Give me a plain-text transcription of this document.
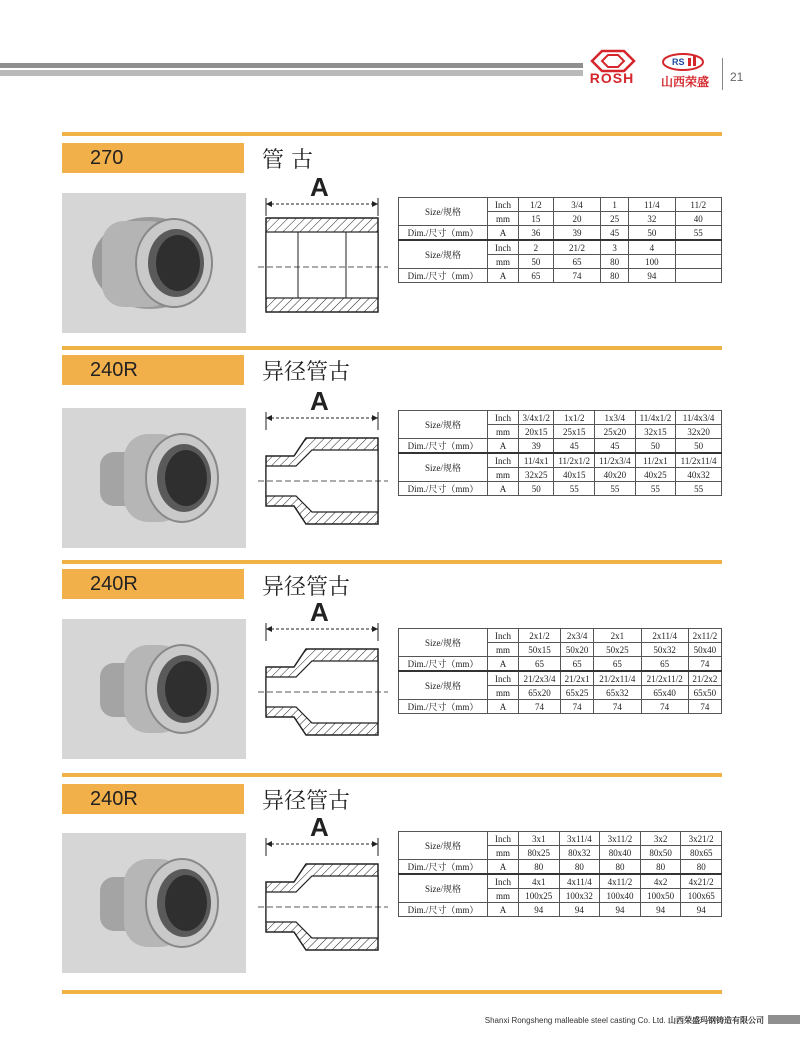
ROSH
RS
山西荣盛	21
270	管 古
A
Size/规格	Inch	1/2	3/4	1	11/4	11/2
	mm	15	20	25	32	40
Dim./尺寸（mm）	A	36	39	45	50	55
Size/规格	Inch	2	21/2	3	4	
	mm	50	65	80	100	
Dim./尺寸（mm）	A	65	74	80	94	
240R	异径管古
A
Size/规格	Inch	3/4x1/2	1x1/2	1x3/4	11/4x1/2	11/4x3/4
	mm	20x15	25x15	25x20	32x15	32x20
Dim./尺寸（mm）	A	39	45	45	50	50
Size/规格	Inch	11/4x1	11/2x1/2	11/2x3/4	11/2x1	11/2x11/4
	mm	32x25	40x15	40x20	40x25	40x32
Dim./尺寸（mm）	A	50	55	55	55	55
240R	异径管古
A
Size/规格	Inch	2x1/2	2x3/4	2x1	2x11/4	2x11/2
	mm	50x15	50x20	50x25	50x32	50x40
Dim./尺寸（mm）	A	65	65	65	65	74
Size/规格	Inch	21/2x3/4	21/2x1	21/2x11/4	21/2x11/2	21/2x2
	mm	65x20	65x25	65x32	65x40	65x50
Dim./尺寸（mm）	A	74	74	74	74	74
240R	异径管古
A
Size/规格	Inch	3x1	3x11/4	3x11/2	3x2	3x21/2
	mm	80x25	80x32	80x40	80x50	80x65
Dim./尺寸（mm）	A	80	80	80	80	80
Size/规格	Inch	4x1	4x11/4	4x11/2	4x2	4x21/2
	mm	100x25	100x32	100x40	100x50	100x65
Dim./尺寸（mm）	A	94	94	94	94	94
Shanxi Rongsheng malleable steel casting Co. Ltd. 山西荣盛玛钢铸造有限公司
